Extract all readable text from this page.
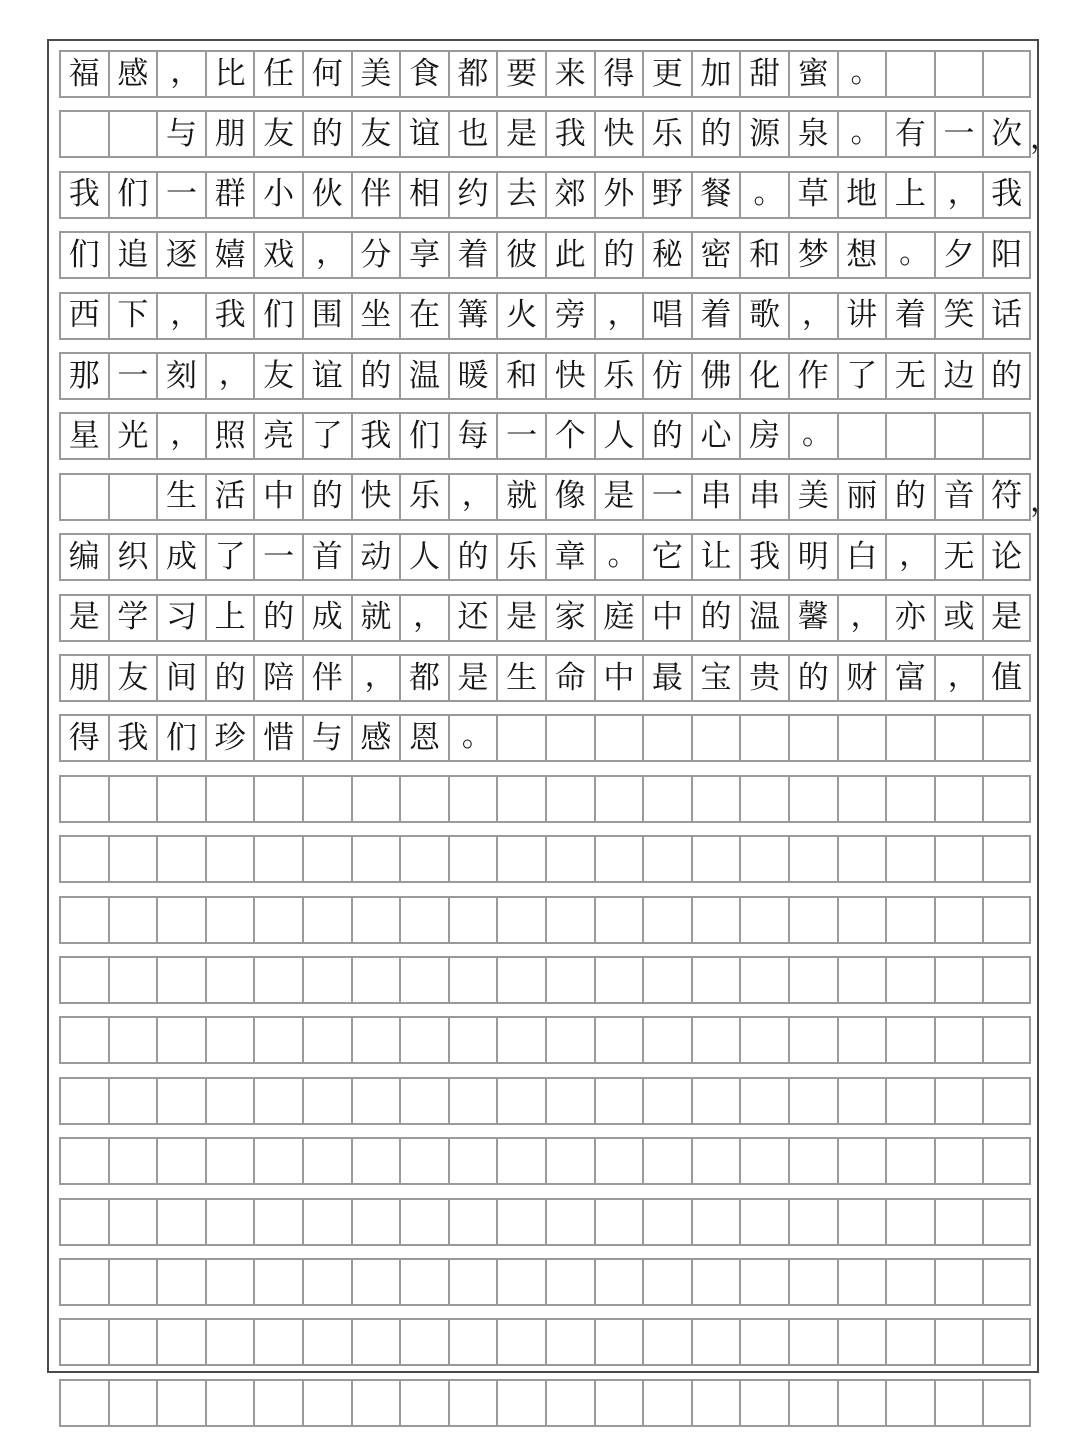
福 感 ， 比 任 何 美 食 都 要 来 得 更 加 甜 蜜 。
与 朋 友 的 友 谊 也 是 我 快 乐 的 源 泉 。 有 一 次 ，
我 们 一 群 小 伙 伴 相 约 去 郊 外 野 餐 。 草 地 上 ， 我
们 追 逐 嬉 戏 ， 分 享 着 彼 此 的 秘 密 和 梦 想 。 夕 阳
西 下 ， 我 们 围 坐 在 篝 火 旁 ， 唱 着 歌 ， 讲 着 笑 话
那 一 刻 ， 友 谊 的 温 暖 和 快 乐 仿 佛 化 作 了 无 边 的
星 光 ， 照 亮 了 我 们 每 一 个 人 的 心 房 。
生 活 中 的 快 乐 ， 就 像 是 一 串 串 美 丽 的 音 符 ，
编 织 成 了 一 首 动 人 的 乐 章 。 它 让 我 明 白 ， 无 论
是 学 习 上 的 成 就 ， 还 是 家 庭 中 的 温 馨 ， 亦 或 是
朋 友 间 的 陪 伴 ， 都 是 生 命 中 最 宝 贵 的 财 富 ， 值
得 我 们 珍 惜 与 感 恩 。
